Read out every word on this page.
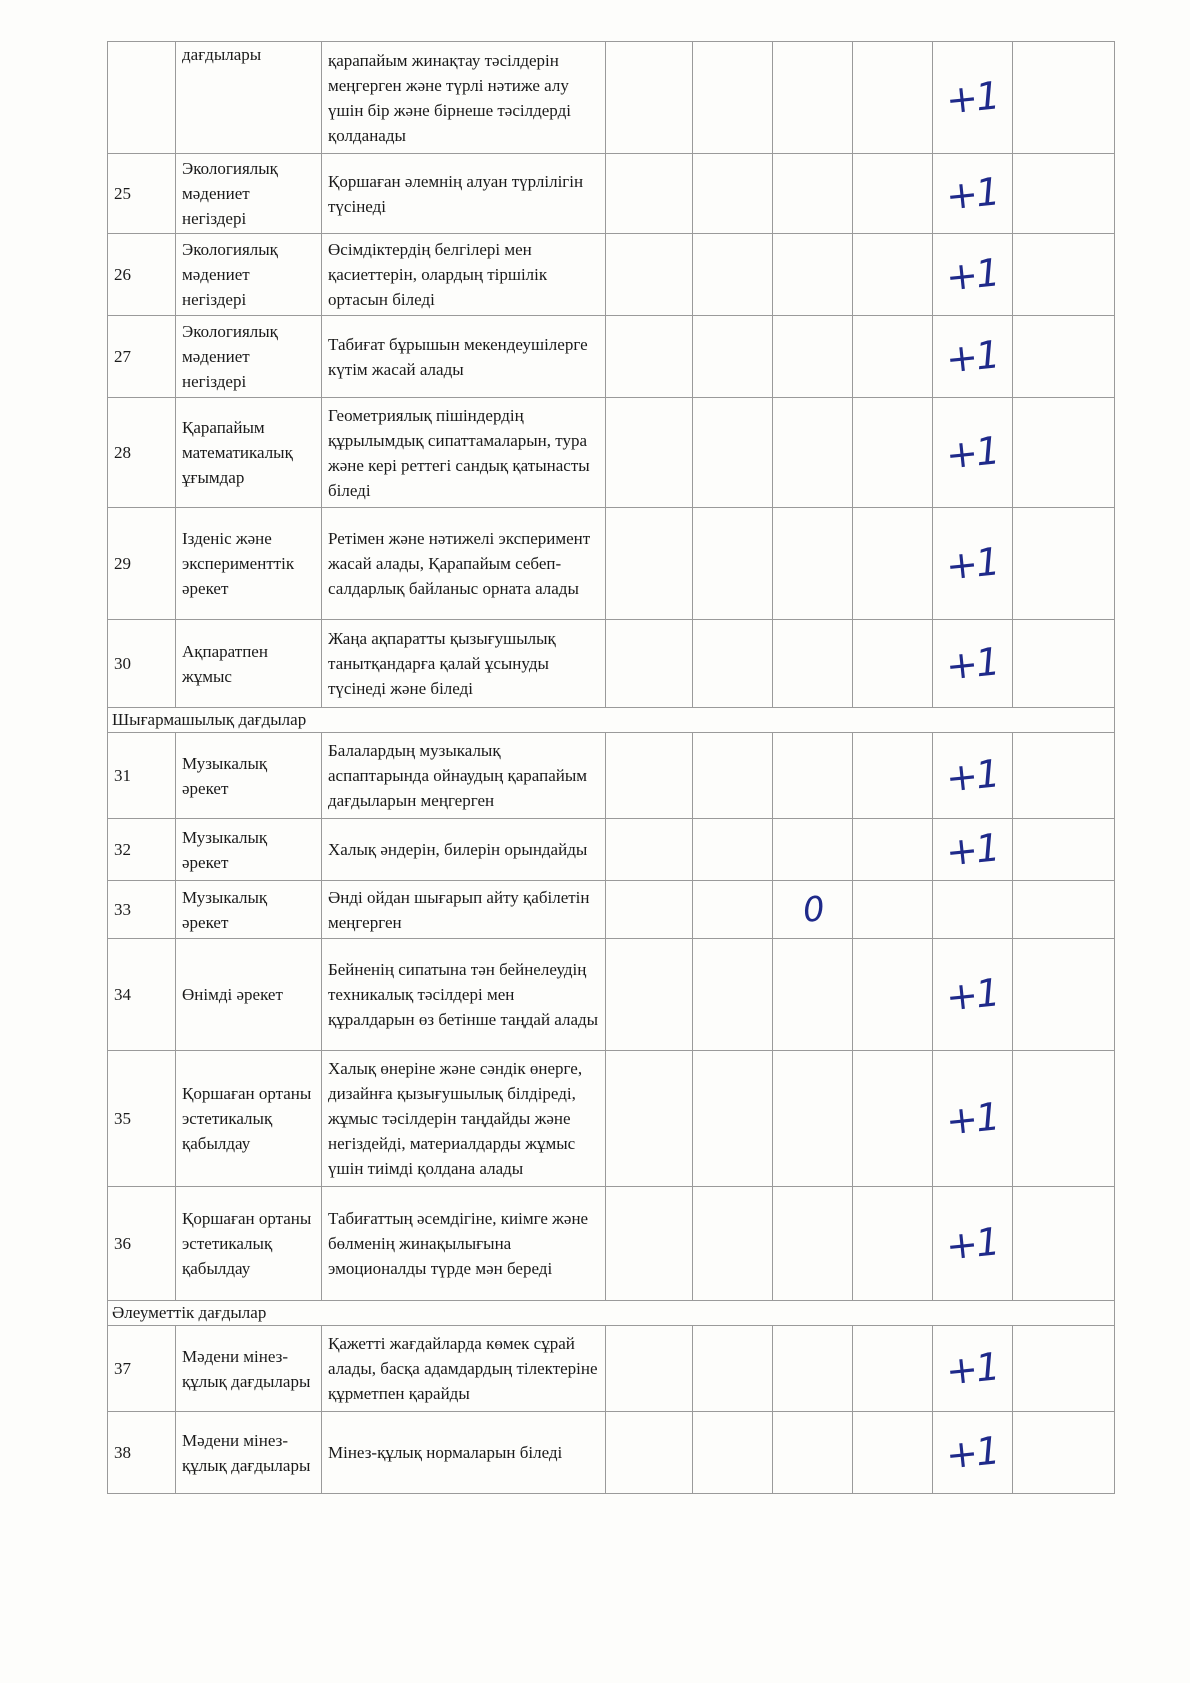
	дағдылары	қарапайым жинақтау тәсілдерін меңгерген және түрлі нәтиже алу үшін бір және бірнеше тәсілдерді қолданады					+1	
25	Экологиялық мәдениет негіздері	Қоршаған әлемнің алуан түрлілігін түсінеді					+1	
26	Экологиялық мәдениет негіздері	Өсімдіктердің белгілері мен қасиеттерін, олардың тіршілік ортасын біледі					+1	
27	Экологиялық мәдениет негіздері	Табиғат бұрышын мекендеушілерге күтім жасай алады					+1	
28	Қарапайым математикалық ұғымдар	Геометриялық пішіндердің құрылымдық сипаттамаларын, тура және кері реттегі сандық қатынасты біледі					+1	
29	Ізденіс және эксперименттік әрекет	Ретімен және нәтижелі эксперимент жасай алады, Қарапайым себеп-салдарлық байланыс орната алады					+1	
30	Ақпаратпен жұмыс	Жаңа ақпаратты қызығушылық танытқандарға қалай ұсынуды түсінеді және біледі					+1	
Шығармашылық дағдылар								
31	Музыкалық әрекет	Балалардың музыкалық аспаптарында ойнаудың қарапайым дағдыларын меңгерген					+1	
32	Музыкалық әрекет	Халық әндерін, билерін орындайды					+1	
33	Музыкалық әрекет	Әнді ойдан шығарып айту қабілетін меңгерген			0			
34	Өнімді әрекет	Бейненің сипатына тән бейнелеудің техникалық тәсілдері мен құралдарын өз бетінше таңдай алады					+1	
35	Қоршаған ортаны эстетикалық қабылдау	Халық өнеріне және сәндік өнерге, дизайнға қызығушылық білдіреді, жұмыс тәсілдерін таңдайды және негіздейді, материалдарды жұмыс үшін тиімді қолдана алады					+1	
36	Қоршаған ортаны эстетикалық қабылдау	Табиғаттың әсемдігіне, киімге және бөлменің жинақылығына эмоционалды түрде мән береді					+1	
Әлеуметтік дағдылар								
37	Мәдени мінез-құлық дағдылары	Қажетті жағдайларда көмек сұрай алады, басқа адамдардың тілектеріне құрметпен қарайды					+1	
38	Мәдени мінез-құлық дағдылары	Мінез-құлық нормаларын біледі					+1	
